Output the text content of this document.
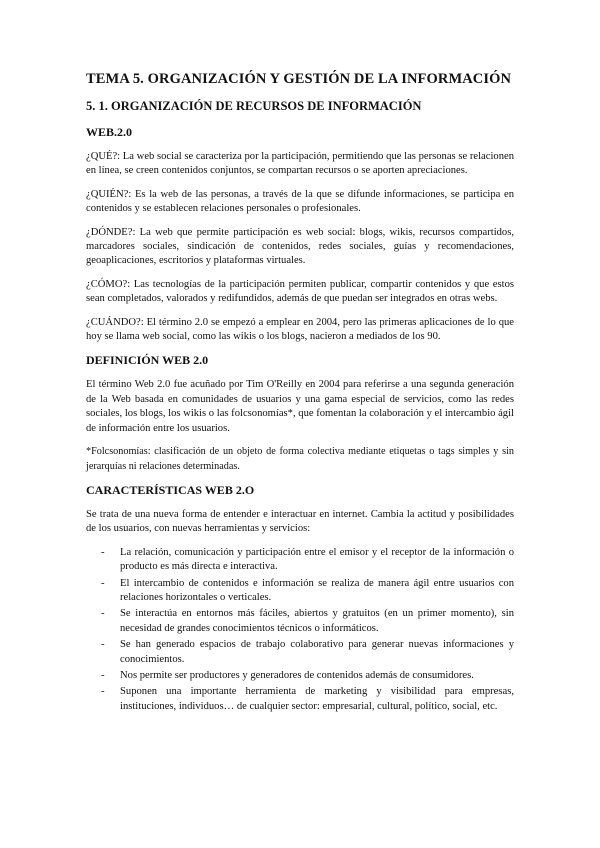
TEMA 5. ORGANIZACIÓN Y GESTIÓN DE LA INFORMACIÓN
5. 1. ORGANIZACIÓN DE RECURSOS DE INFORMACIÓN
WEB.2.0

¿QUÉ?: La web social se caracteriza por la participación, permitiendo que las personas se relacionen en línea, se creen contenidos conjuntos, se compartan recursos o se aporten apreciaciones.

¿QUIÉN?: Es la web de las personas, a través de la que se difunde informaciones, se participa en contenidos y se establecen relaciones personales o profesionales.

¿DÓNDE?: La web que permite participación es web social: blogs, wikis, recursos compartidos, marcadores sociales, sindicación de contenidos, redes sociales, guías y recomendaciones, geoaplicaciones, escritorios y plataformas virtuales.

¿CÓMO?: Las tecnologías de la participación permiten publicar, compartir contenidos y que estos sean completados, valorados y redifundidos, además de que puedan ser integrados en otras webs.

¿CUÁNDO?: El término 2.0 se empezó a emplear en 2004, pero las primeras aplicaciones de lo que hoy se llama web social, como las wikis o los blogs, nacieron a mediados de los 90.

DEFINICIÓN WEB 2.0

El término Web 2.0 fue acuñado por Tim O'Reilly en 2004 para referirse a una segunda generación de la Web basada en comunidades de usuarios y una gama especial de servicios, como las redes sociales, los blogs, los wikis o las folcsonomías*, que fomentan la colaboración y el intercambio ágil de información entre los usuarios.

*Folcsonomías: clasificación de un objeto de forma colectiva mediante etiquetas o tags simples y sin jerarquías ni relaciones determinadas.

CARACTERÍSTICAS WEB 2.O

Se trata de una nueva forma de entender e interactuar en internet. Cambia la actitud y posibilidades de los usuarios, con nuevas herramientas y servicios:

- La relación, comunicación y participación entre el emisor y el receptor de la información o producto es más directa e interactiva.
- El intercambio de contenidos e información se realiza de manera ágil entre usuarios con relaciones horizontales o verticales.
- Se interactúa en entornos más fáciles, abiertos y gratuitos (en un primer momento), sin necesidad de grandes conocimientos técnicos o informáticos.
- Se han generado espacios de trabajo colaborativo para generar nuevas informaciones y conocimientos.
- Nos permite ser productores y generadores de contenidos además de consumidores.
- Suponen una importante herramienta de marketing y visibilidad para empresas, instituciones, individuos… de cualquier sector: empresarial, cultural, político, social, etc.
